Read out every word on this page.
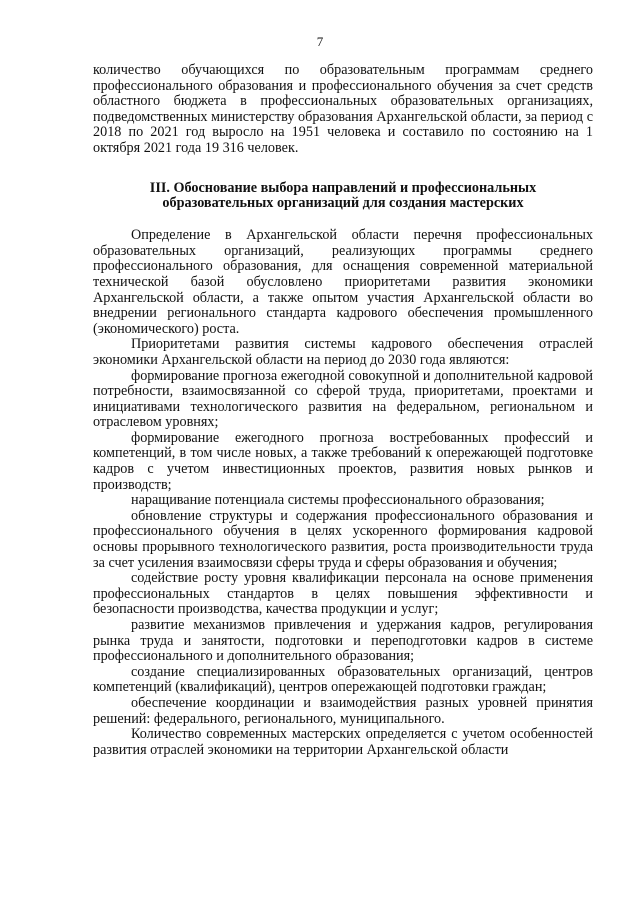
7

количество обучающихся по образовательным программам среднего профессионального образования и профессионального обучения за счет средств областного бюджета в профессиональных образовательных организациях, подведомственных министерству образования Архангельской области, за период с 2018 по 2021 год выросло на 1951 человека и составило по состоянию на 1 октября 2021 года 19 316 человек.

III. Обоснование выбора направлений и профессиональных
образовательных организаций для создания мастерских

Определение в Архангельской области перечня профессиональных образовательных организаций, реализующих программы среднего профессионального образования, для оснащения современной материальной технической базой обусловлено приоритетами развития экономики Архангельской области, а также опытом участия Архангельской области во внедрении регионального стандарта кадрового обеспечения промышленного (экономического) роста.

Приоритетами развития системы кадрового обеспечения отраслей экономики Архангельской области на период до 2030 года являются:

формирование прогноза ежегодной совокупной и дополнительной кадровой потребности, взаимосвязанной со сферой труда, приоритетами, проектами и инициативами технологического развития на федеральном, региональном и отраслевом уровнях;

формирование ежегодного прогноза востребованных профессий и компетенций, в том числе новых, а также требований к опережающей подготовке кадров с учетом инвестиционных проектов, развития новых рынков и производств;

наращивание потенциала системы профессионального образования;

обновление структуры и содержания профессионального образования и профессионального обучения в целях ускоренного формирования кадровой основы прорывного технологического развития, роста производительности труда за счет усиления взаимосвязи сферы труда и сферы образования и обучения;

содействие росту уровня квалификации персонала на основе применения профессиональных стандартов в целях повышения эффективности и безопасности производства, качества продукции и услуг;

развитие механизмов привлечения и удержания кадров, регулирования рынка труда и занятости, подготовки и переподготовки кадров в системе профессионального и дополнительного образования;

создание специализированных образовательных организаций, центров компетенций (квалификаций), центров опережающей подготовки граждан;

обеспечение координации и взаимодействия разных уровней принятия решений: федерального, регионального, муниципального.

Количество современных мастерских определяется с учетом особенностей развития отраслей экономики на территории Архангельской области
